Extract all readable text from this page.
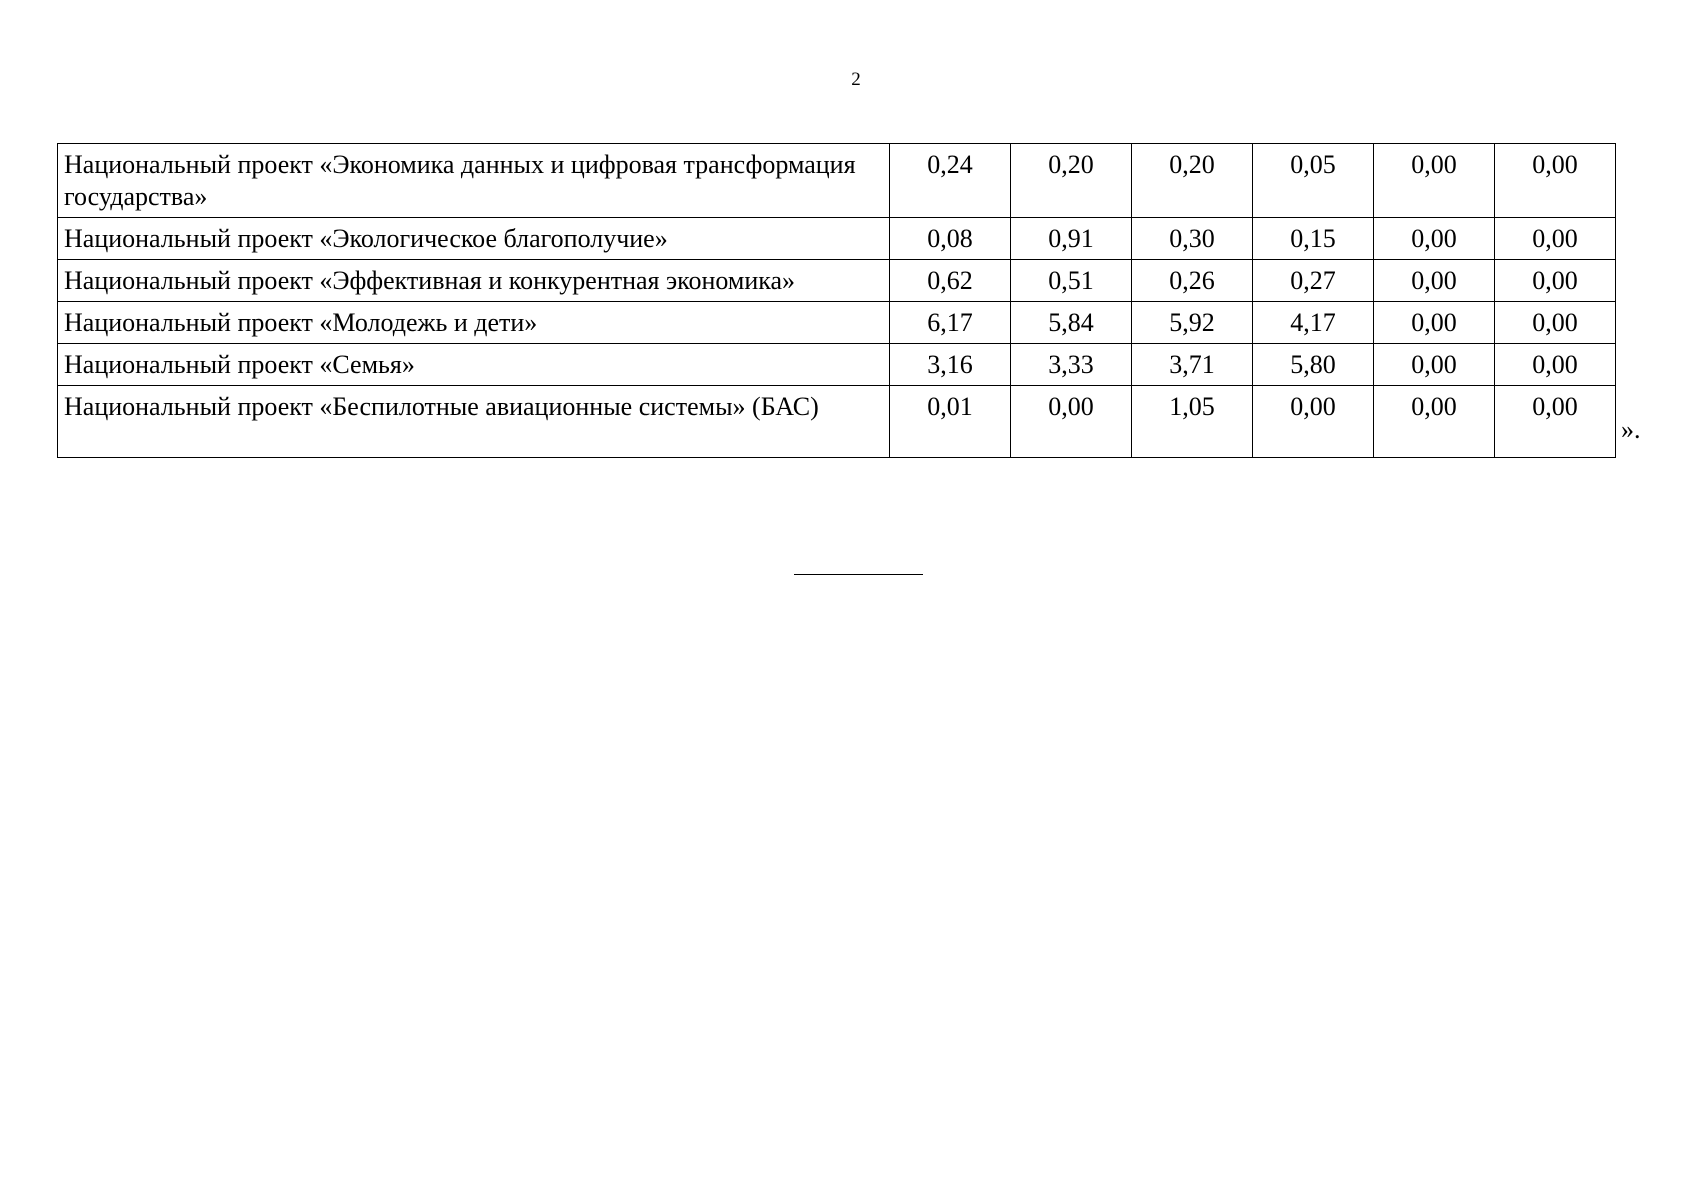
2
Национальный проект «Экономика данных и цифровая трансформация государства»	0,24	0,20	0,20	0,05	0,00	0,00
Национальный проект «Экологическое благополучие»	0,08	0,91	0,30	0,15	0,00	0,00
Национальный проект «Эффективная и конкурентная экономика»	0,62	0,51	0,26	0,27	0,00	0,00
Национальный проект «Молодежь и дети»	6,17	5,84	5,92	4,17	0,00	0,00
Национальный проект «Семья»	3,16	3,33	3,71	5,80	0,00	0,00
Национальный проект «Беспилотные авиационные системы» (БАС)	0,01	0,00	1,05	0,00	0,00	0,00
».
